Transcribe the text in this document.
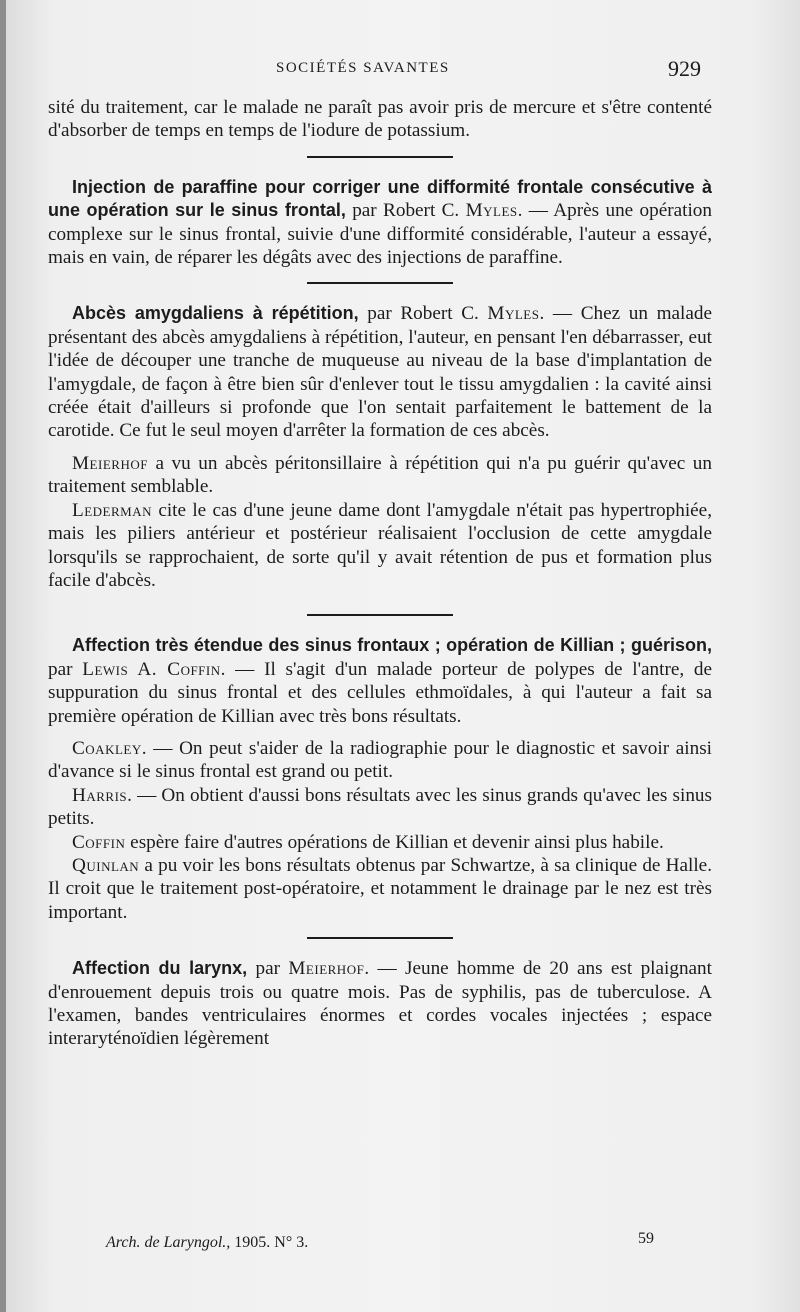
SOCIÉTÉS SAVANTES	929

sité du traitement, car le malade ne paraît pas avoir pris de mercure et s'être contenté d'absorber de temps en temps de l'iodure de potassium.

Injection de paraffine pour corriger une difformité frontale consécutive à une opération sur le sinus frontal, par Robert C. Myles. — Après une opération complexe sur le sinus frontal, suivie d'une difformité considérable, l'auteur a essayé, mais en vain, de réparer les dégâts avec des injections de paraffine.

Abcès amygdaliens à répétition, par Robert C. Myles. — Chez un malade présentant des abcès amygdaliens à répétition, l'auteur, en pensant l'en débarrasser, eut l'idée de découper une tranche de muqueuse au niveau de la base d'implantation de l'amygdale, de façon à être bien sûr d'enlever tout le tissu amygdalien : la cavité ainsi créée était d'ailleurs si profonde que l'on sentait parfaitement le battement de la carotide. Ce fut le seul moyen d'arrêter la formation de ces abcès.

Meierhof a vu un abcès péritonsillaire à répétition qui n'a pu guérir qu'avec un traitement semblable.

Lederman cite le cas d'une jeune dame dont l'amygdale n'était pas hypertrophiée, mais les piliers antérieur et postérieur réalisaient l'occlusion de cette amygdale lorsqu'ils se rapprochaient, de sorte qu'il y avait rétention de pus et formation plus facile d'abcès.

Affection très étendue des sinus frontaux ; opération de Killian ; guérison, par Lewis A. Coffin. — Il s'agit d'un malade porteur de polypes de l'antre, de suppuration du sinus frontal et des cellules ethmoïdales, à qui l'auteur a fait sa première opération de Killian avec très bons résultats.

Coakley. — On peut s'aider de la radiographie pour le diagnostic et savoir ainsi d'avance si le sinus frontal est grand ou petit.

Harris. — On obtient d'aussi bons résultats avec les sinus grands qu'avec les sinus petits.

Coffin espère faire d'autres opérations de Killian et devenir ainsi plus habile.

Quinlan a pu voir les bons résultats obtenus par Schwartze, à sa clinique de Halle. Il croit que le traitement post-opératoire, et notamment le drainage par le nez est très important.

Affection du larynx, par Meierhof. — Jeune homme de 20 ans est plaignant d'enrouement depuis trois ou quatre mois. Pas de syphilis, pas de tuberculose. A l'examen, bandes ventriculaires énormes et cordes vocales injectées ; espace interaryténoïdien légèrement

Arch. de Laryngol., 1905. N° 3.	59
